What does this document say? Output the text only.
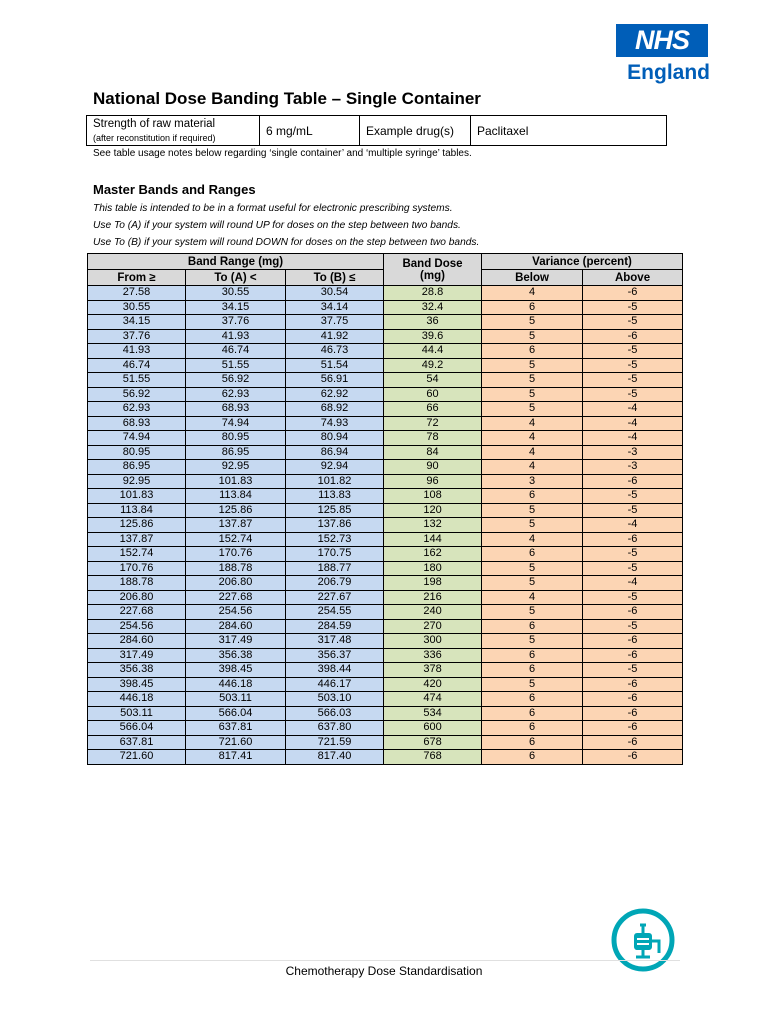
NHS
England
National Dose Banding Table – Single Container
Strength of raw material
(after reconstitution if required)	6 mg/mL	Example drug(s)	Paclitaxel
See table usage notes below regarding ‘single container’ and ‘multiple syringe’ tables.
Master Bands and Ranges
This table is intended to be in a format useful for electronic prescribing systems.
Use To (A) if your system will round UP for doses on the step between two bands.
Use To (B) if your system will round DOWN for doses on the step between two bands.
Band Range (mg)			Band Dose
(mg)	Variance (percent)	
From ≥	To (A) <	To (B) ≤		Below	Above
27.58	30.55	30.54	28.8	4	-6
30.55	34.15	34.14	32.4	6	-5
34.15	37.76	37.75	36	5	-5
37.76	41.93	41.92	39.6	5	-6
41.93	46.74	46.73	44.4	6	-5
46.74	51.55	51.54	49.2	5	-5
51.55	56.92	56.91	54	5	-5
56.92	62.93	62.92	60	5	-5
62.93	68.93	68.92	66	5	-4
68.93	74.94	74.93	72	4	-4
74.94	80.95	80.94	78	4	-4
80.95	86.95	86.94	84	4	-3
86.95	92.95	92.94	90	4	-3
92.95	101.83	101.82	96	3	-6
101.83	113.84	113.83	108	6	-5
113.84	125.86	125.85	120	5	-5
125.86	137.87	137.86	132	5	-4
137.87	152.74	152.73	144	4	-6
152.74	170.76	170.75	162	6	-5
170.76	188.78	188.77	180	5	-5
188.78	206.80	206.79	198	5	-4
206.80	227.68	227.67	216	4	-5
227.68	254.56	254.55	240	5	-6
254.56	284.60	284.59	270	6	-5
284.60	317.49	317.48	300	5	-6
317.49	356.38	356.37	336	6	-6
356.38	398.45	398.44	378	6	-5
398.45	446.18	446.17	420	5	-6
446.18	503.11	503.10	474	6	-6
503.11	566.04	566.03	534	6	-6
566.04	637.81	637.80	600	6	-6
637.81	721.60	721.59	678	6	-6
721.60	817.41	817.40	768	6	-6
Chemotherapy Dose Standardisation
